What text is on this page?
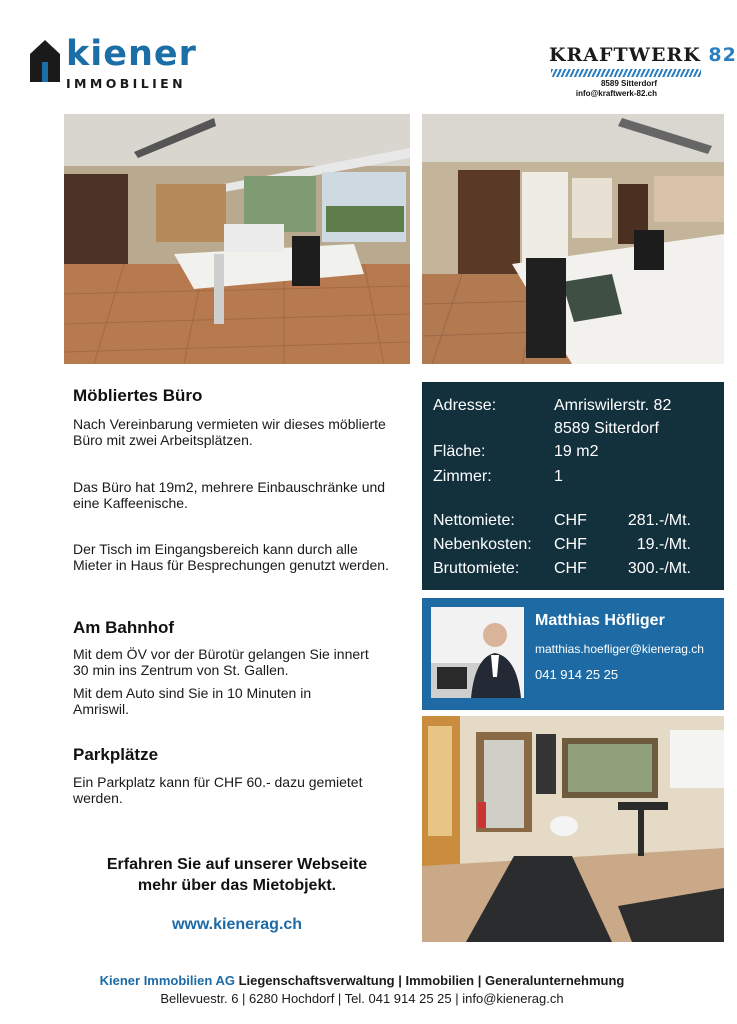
kiener
IMMOBILIEN
KRAFTWERK 82
8589 Sitterdorf
info@kraftwerk-82.ch
Möbliertes Büro
Nach Vereinbarung vermieten wir dieses möblierte Büro mit zwei Arbeitsplätzen.
Das Büro hat 19m2, mehrere Einbauschränke und eine Kaffeenische.
Der Tisch im Eingangsbereich kann durch alle Mieter in Haus für Besprechungen genutzt werden.
Am Bahnhof
Mit dem ÖV vor der Bürotür gelangen Sie innert 30 min ins Zentrum von St. Gallen.
Mit dem Auto sind Sie in 10 Minuten in Amriswil.
Parkplätze
Ein Parkplatz kann für CHF 60.- dazu gemietet werden.
Adresse:	Amriswilerstr. 82
8589 Sitterdorf
Fläche:	19 m2
Zimmer:	1
Nettomiete: CHF	281.-/Mt.
Nebenkosten: CHF	19.-/Mt.
Bruttomiete: CHF	300.-/Mt.
Matthias Höfliger
matthias.hoefliger@kienerag.ch
041 914 25 25
Erfahren Sie auf unserer Webseite
mehr über das Mietobjekt.
www.kienerag.ch
Kiener Immobilien AG Liegenschaftsverwaltung | Immobilien | Generalunternehmung
Bellevuestr. 6 | 6280 Hochdorf | Tel. 041 914 25 25 | info@kienerag.ch
